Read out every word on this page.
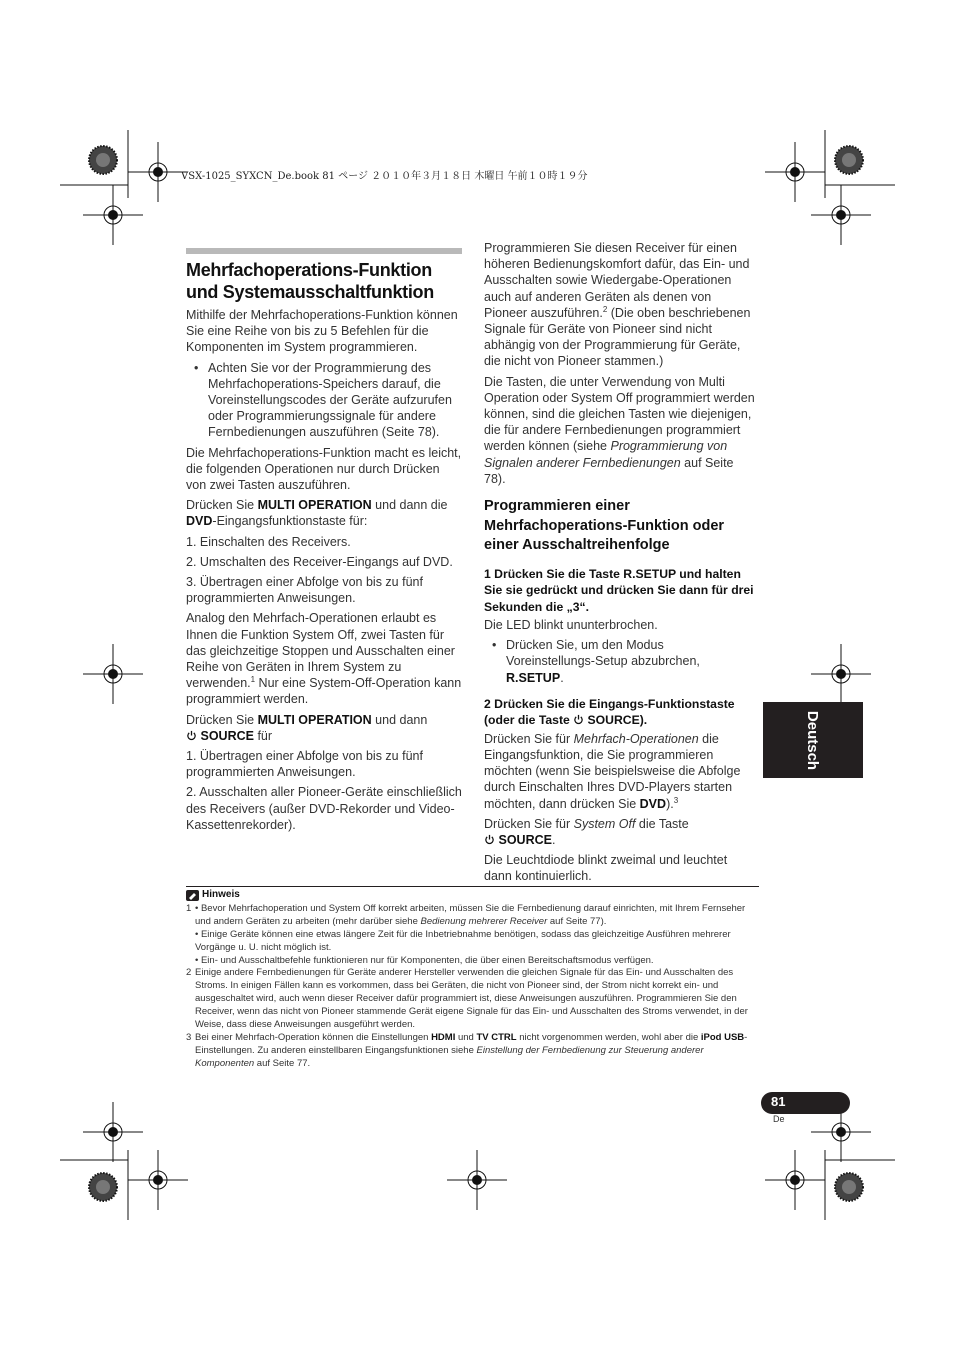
VSX-1025_SYXCN_De.book 81 ページ ２０１０年３月１８日 木曜日 午前１０時１９分
Mehrfachoperations-Funktion und Systemausschaltfunktion

Mithilfe der Mehrfachoperations-Funktion können Sie eine Reihe von bis zu 5 Befehlen für die Komponenten im System programmieren.

• Achten Sie vor der Programmierung des Mehrfachoperations-Speichers darauf, die Voreinstellungscodes der Geräte aufzurufen oder Programmierungssignale für andere Fernbedienungen auszuführen (Seite 78).

Die Mehrfachoperations-Funktion macht es leicht, die folgenden Operationen nur durch Drücken von zwei Tasten auszuführen.

Drücken Sie MULTI OPERATION und dann die DVD-Eingangsfunktionstaste für:

1. Einschalten des Receivers.

2. Umschalten des Receiver-Eingangs auf DVD.

3. Übertragen einer Abfolge von bis zu fünf programmierten Anweisungen.

Analog den Mehrfach-Operationen erlaubt es Ihnen die Funktion System Off, zwei Tasten für das gleichzeitige Stoppen und Ausschalten einer Reihe von Geräten in Ihrem System zu verwenden.$^1$ Nur eine System-Off-Operation kann programmiert werden.

Drücken Sie MULTI OPERATION und dann
SOURCE für

1. Übertragen einer Abfolge von bis zu fünf programmierten Anweisungen.

2. Ausschalten aller Pioneer-Geräte einschließlich des Receivers (außer DVD-Rekorder und Video-Kassettenrekorder).

Programmieren Sie diesen Receiver für einen höheren Bedienungskomfort dafür, das Ein- und Ausschalten sowie Wiedergabe-Operationen auch auf anderen Geräten als denen von Pioneer auszuführen.$^2$ (Die oben beschriebenen Signale für Geräte von Pioneer sind nicht abhängig von der Programmierung für Geräte, die nicht von Pioneer stammen.)

Die Tasten, die unter Verwendung von Multi Operation oder System Off programmiert werden können, sind die gleichen Tasten wie diejenigen, die für andere Fernbedienungen programmiert werden können (siehe Programmierung von Signalen anderer Fernbedienungen auf Seite 78).

Programmieren einer Mehrfachoperations-Funktion oder einer Ausschaltreihenfolge
1 Drücken Sie die Taste R.SETUP und halten Sie sie gedrückt und drücken Sie dann für drei Sekunden die „3“.

Die LED blinkt ununterbrochen.

• Drücken Sie, um den Modus Voreinstellungs-Setup abzubrchen, R.SETUP.

2 Drücken Sie die Eingangs-Funktionstaste (oder die Taste  SOURCE).

Drücken Sie für Mehrfach-Operationen die Eingangsfunktion, die Sie programmieren möchten (wenn Sie beispielsweise die Abfolge durch Einschalten Ihres DVD-Players starten möchten, dann drücken Sie DVD).$^3$

Drücken Sie für System Off die Taste
SOURCE.

Die Leuchtdiode blinkt zweimal und leuchtet dann kontinuierlich.

Deutsch
Hinweis
1 • Bevor Mehrfachoperation und System Off korrekt arbeiten, müssen Sie die Fernbedienung darauf einrichten, mit Ihrem Fernseher und andern Geräten zu arbeiten (mehr darüber siehe Bedienung mehrerer Receiver auf Seite 77).
• Einige Geräte können eine etwas längere Zeit für die Inbetriebnahme benötigen, sodass das gleichzeitige Ausführen mehrerer Vorgänge u. U. nicht möglich ist.
• Ein- und Ausschaltbefehle funktionieren nur für Komponenten, die über einen Bereitschaftsmodus verfügen.
2 Einige andere Fernbedienungen für Geräte anderer Hersteller verwenden die gleichen Signale für das Ein- und Ausschalten des Stroms. In einigen Fällen kann es vorkommen, dass bei Geräten, die nicht von Pioneer sind, der Strom nicht korrekt ein- und ausgeschaltet wird, auch wenn dieser Receiver dafür programmiert ist, diese Anweisungen auszuführen. Programmieren Sie den Receiver, wenn das nicht von Pioneer stammende Gerät eigene Signale für das Ein- und Ausschalten des Stroms verwendet, in der Weise, dass diese Anweisungen ausgeführt werden.
3 Bei einer Mehrfach-Operation können die Einstellungen HDMI und TV CTRL nicht vorgenommen werden, wohl aber die iPod USB-Einstellungen. Zu anderen einstellbaren Eingangsfunktionen siehe Einstellung der Fernbedienung zur Steuerung anderer Komponenten auf Seite 77.
81
De
